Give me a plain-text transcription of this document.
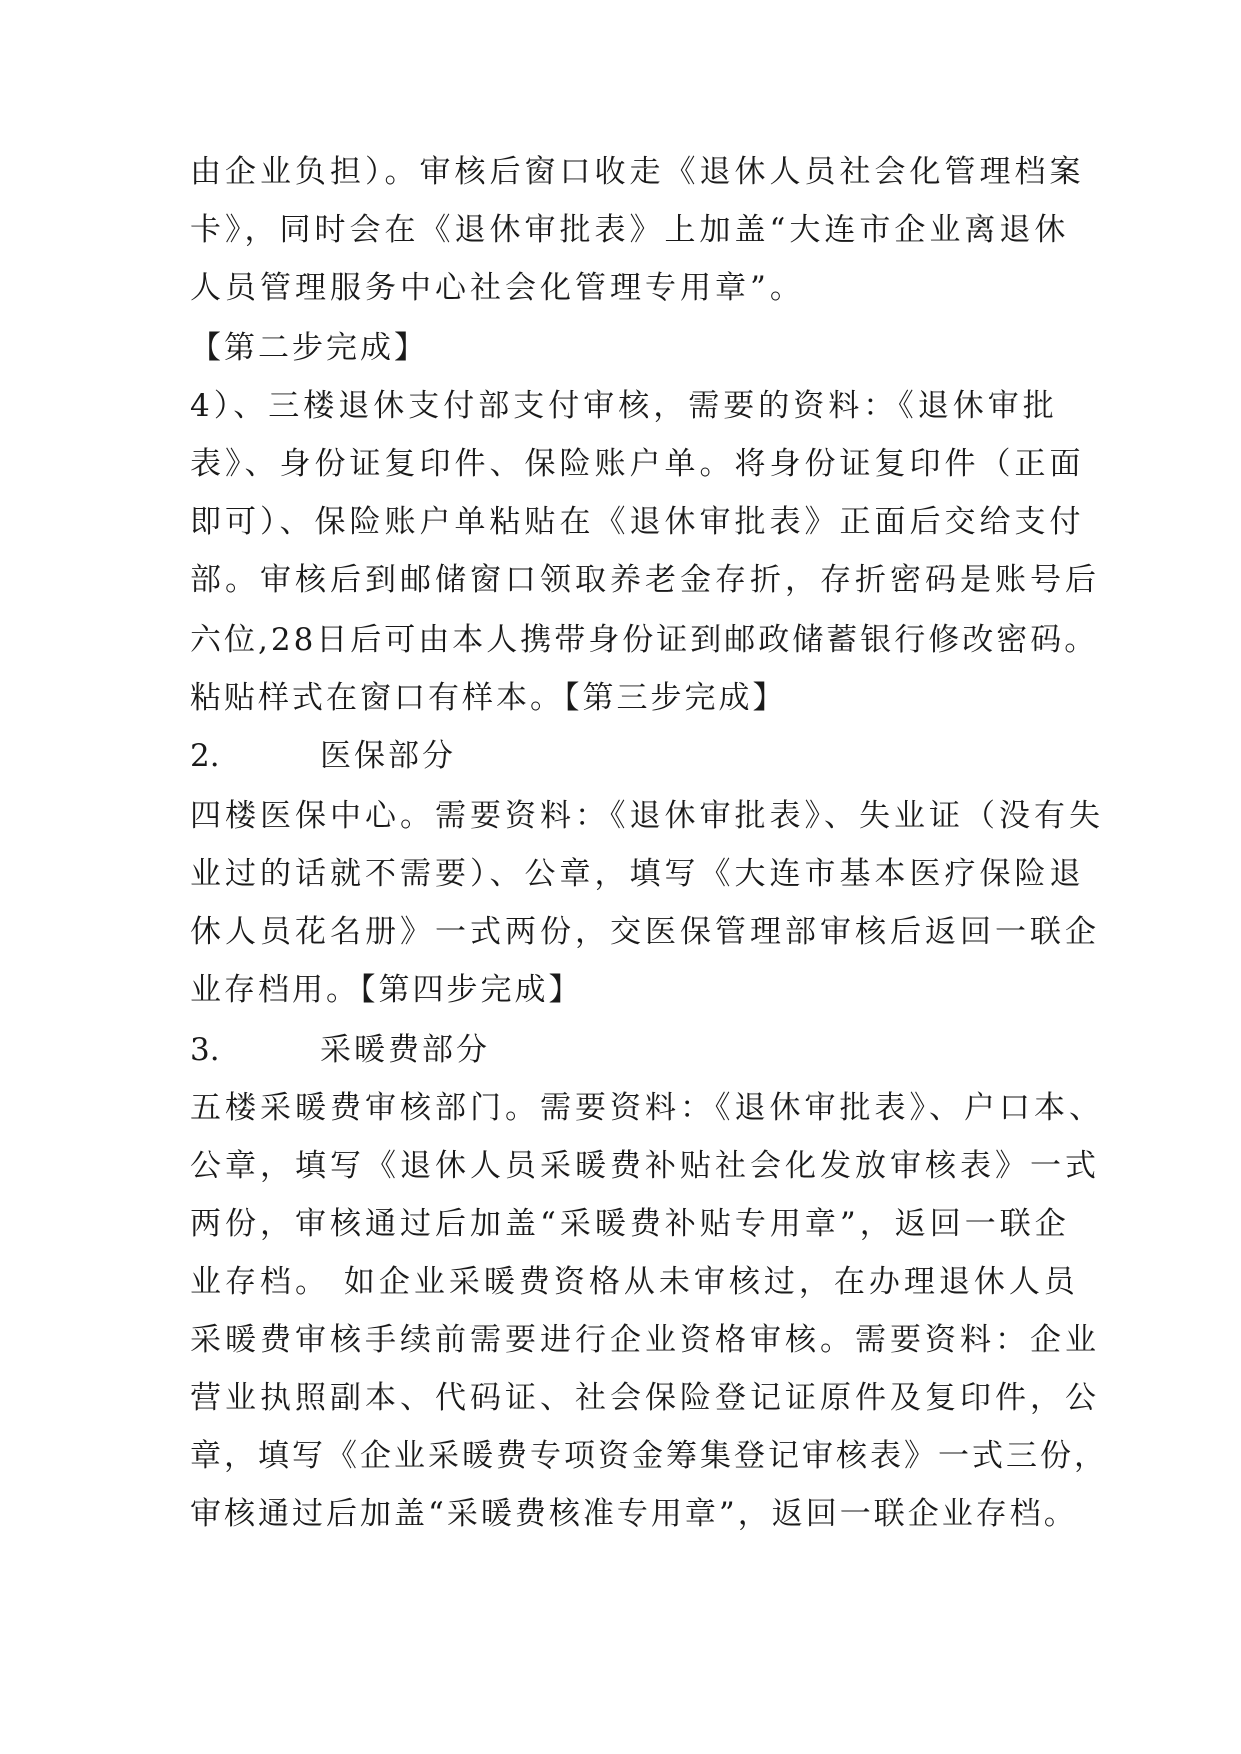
由企业负担）。审核后窗口收走《退休人员社会化管理档案
卡》，同时会在《退休审批表》上加盖“大连市企业离退休
人员管理服务中心社会化管理专用章”。
【第二步完成】
4）、三楼退休支付部支付审核，需要的资料：《退休审批
表》、身份证复印件、保险账户单。将身份证复印件（正面
即可）、保险账户单粘贴在《退休审批表》正面后交给支付
部。审核后到邮储窗口领取养老金存折，存折密码是账号后
六位,28日后可由本人携带身份证到邮政储蓄银行修改密码。
粘贴样式在窗口有样本。【第三步完成】
2.	医保部分
四楼医保中心。需要资料：《退休审批表》、失业证（没有失
业过的话就不需要）、公章，填写《大连市基本医疗保险退
休人员花名册》一式两份，交医保管理部审核后返回一联企
业存档用。【第四步完成】
3.	采暖费部分
五楼采暖费审核部门。需要资料：《退休审批表》、户口本、
公章，填写《退休人员采暖费补贴社会化发放审核表》一式
两份，审核通过后加盖“采暖费补贴专用章”，返回一联企
业存档。 如企业采暖费资格从未审核过，在办理退休人员
采暖费审核手续前需要进行企业资格审核。需要资料：企业
营业执照副本、代码证、社会保险登记证原件及复印件，公
章，填写《企业采暖费专项资金筹集登记审核表》一式三份，
审核通过后加盖“采暖费核准专用章”，返回一联企业存档。
